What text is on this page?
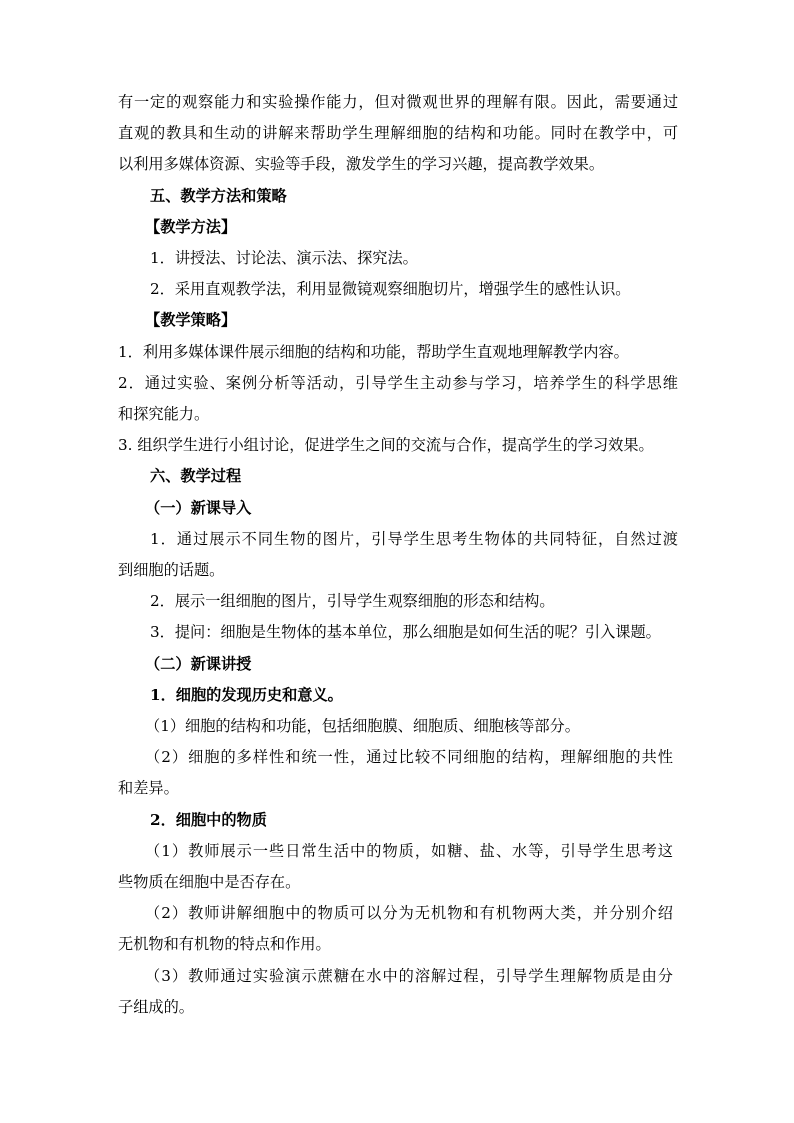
有一定的观察能力和实验操作能力，但对微观世界的理解有限。因此，需要通过
直观的教具和生动的讲解来帮助学生理解细胞的结构和功能。同时在教学中，可
以利用多媒体资源、实验等手段，激发学生的学习兴趣，提高教学效果。
五、教学方法和策略
【教学方法】
1．讲授法、讨论法、演示法、探究法。
2．采用直观教学法，利用显微镜观察细胞切片，增强学生的感性认识。
【教学策略】
1．利用多媒体课件展示细胞的结构和功能，帮助学生直观地理解教学内容。
2．通过实验、案例分析等活动，引导学生主动参与学习，培养学生的科学思维
和探究能力。
3. 组织学生进行小组讨论，促进学生之间的交流与合作，提高学生的学习效果。
六、教学过程
（一）新课导入
1．通过展示不同生物的图片，引导学生思考生物体的共同特征，自然过渡
到细胞的话题。
2．展示一组细胞的图片，引导学生观察细胞的形态和结构。
3．提问：细胞是生物体的基本单位，那么细胞是如何生活的呢？引入课题。
（二）新课讲授
1．细胞的发现历史和意义。
（1）细胞的结构和功能，包括细胞膜、细胞质、细胞核等部分。
（2）细胞的多样性和统一性，通过比较不同细胞的结构，理解细胞的共性
和差异。
2．细胞中的物质
（1）教师展示一些日常生活中的物质，如糖、盐、水等，引导学生思考这
些物质在细胞中是否存在。
（2）教师讲解细胞中的物质可以分为无机物和有机物两大类，并分别介绍
无机物和有机物的特点和作用。
（3）教师通过实验演示蔗糖在水中的溶解过程，引导学生理解物质是由分
子组成的。
